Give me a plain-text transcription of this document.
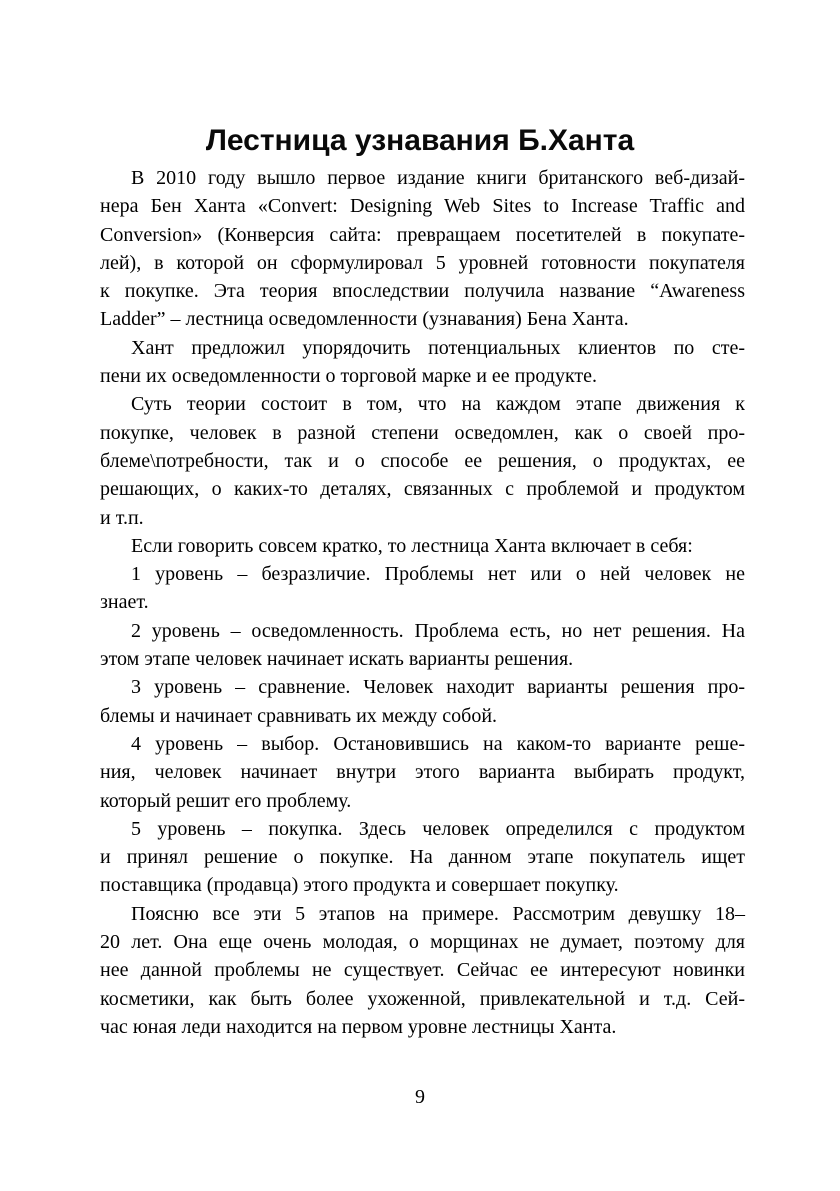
Лестница узнавания Б.Ханта
В 2010 году вышло первое издание книги британского веб-дизай-
нера Бен Ханта «Convert: Designing Web Sites to Increase Traffic and
Conversion» (Конверсия сайта: превращаем посетителей в покупате-
лей), в которой он сформулировал 5 уровней готовности покупателя
к покупке. Эта теория впоследствии получила название “Awareness
Ladder” – лестница осведомленности (узнавания) Бена Ханта.
Хант предложил упорядочить потенциальных клиентов по сте-
пени их осведомленности о торговой марке и ее продукте.
Суть теории состоит в том, что на каждом этапе движения к
покупке, человек в разной степени осведомлен, как о своей про-
блеме\потребности, так и о способе ее решения, о продуктах, ее
решающих, о каких-то деталях, связанных с проблемой и продуктом
и т.п.
Если говорить совсем кратко, то лестница Ханта включает в себя:
1 уровень – безразличие. Проблемы нет или о ней человек не
знает.
2 уровень – осведомленность. Проблема есть, но нет решения. На
этом этапе человек начинает искать варианты решения.
3 уровень – сравнение. Человек находит варианты решения про-
блемы и начинает сравнивать их между собой.
4 уровень – выбор. Остановившись на каком-то варианте реше-
ния, человек начинает внутри этого варианта выбирать продукт,
который решит его проблему.
5 уровень – покупка. Здесь человек определился с продуктом
и принял решение о покупке. На данном этапе покупатель ищет
поставщика (продавца) этого продукта и совершает покупку.
Поясню все эти 5 этапов на примере. Рассмотрим девушку 18–
20 лет. Она еще очень молодая, о морщинах не думает, поэтому для
нее данной проблемы не существует. Сейчас ее интересуют новинки
косметики, как быть более ухоженной, привлекательной и т.д. Сей-
час юная леди находится на первом уровне лестницы Ханта.
9
